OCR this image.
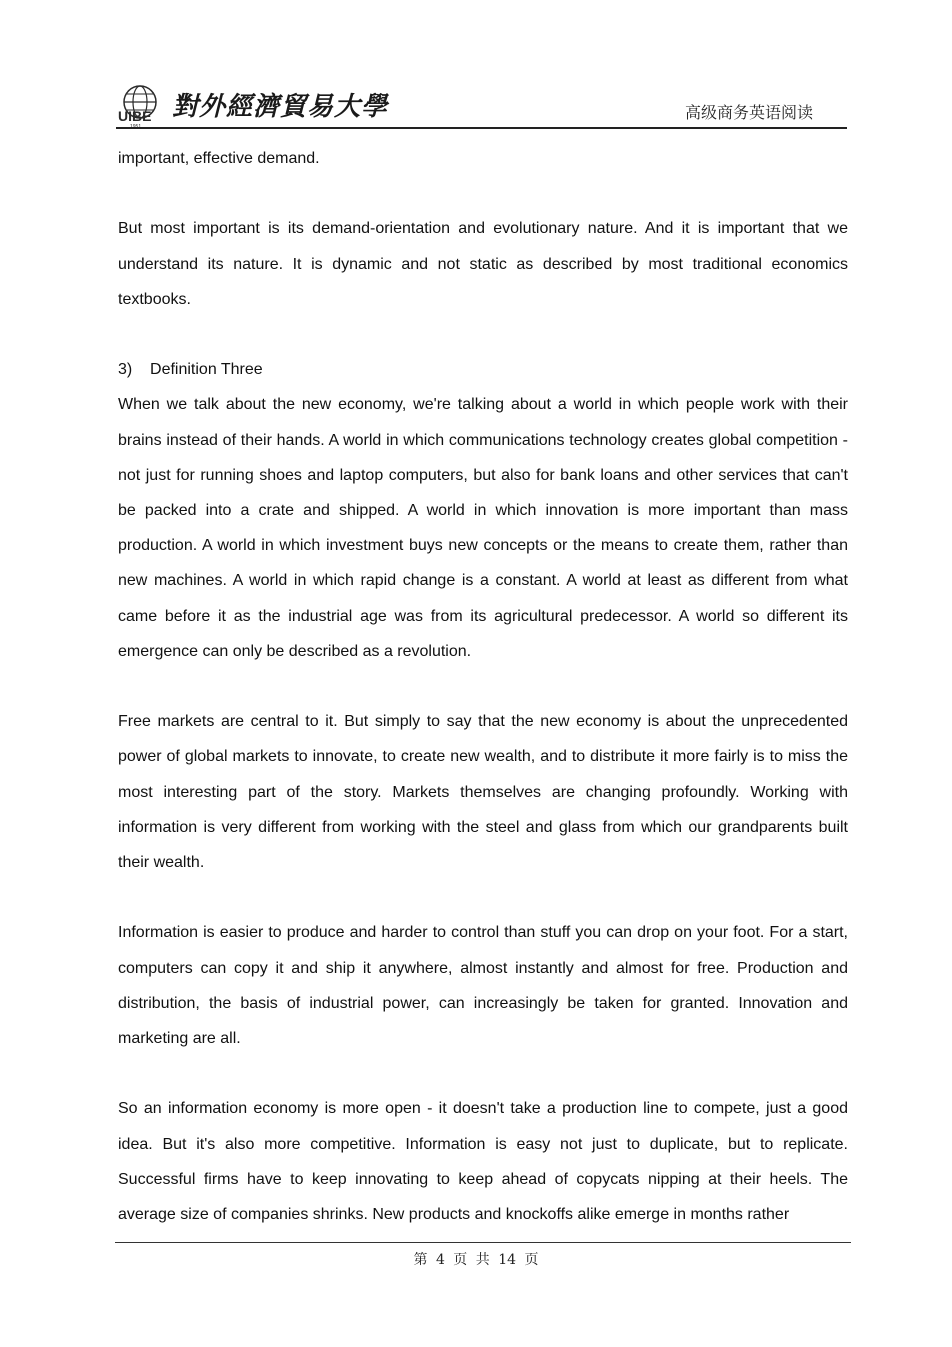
UIBE 對外經濟貿易大學	高级商务英语阅读

important, effective demand.

But most important is its demand-orientation and evolutionary nature. And it is important that we understand its nature. It is dynamic and not static as described by most traditional economics textbooks.

3)    Definition Three

When we talk about the new economy, we're talking about a world in which people work with their brains instead of their hands. A world in which communications technology creates global competition - not just for running shoes and laptop computers, but also for bank loans and other services that can't be packed into a crate and shipped. A world in which innovation is more important than mass production. A world in which investment buys new concepts or the means to create them, rather than new machines. A world in which rapid change is a constant. A world at least as different from what came before it as the industrial age was from its agricultural predecessor. A world so different its emergence can only be described as a revolution.

Free markets are central to it. But simply to say that the new economy is about the unprecedented power of global markets to innovate, to create new wealth, and to distribute it more fairly is to miss the most interesting part of the story. Markets themselves are changing profoundly. Working with information is very different from working with the steel and glass from which our grandparents built their wealth.

Information is easier to produce and harder to control than stuff you can drop on your foot. For a start, computers can copy it and ship it anywhere, almost instantly and almost for free. Production and distribution, the basis of industrial power, can increasingly be taken for granted. Innovation and marketing are all.

So an information economy is more open - it doesn't take a production line to compete, just a good idea. But it's also more competitive. Information is easy not just to duplicate, but to replicate. Successful firms have to keep innovating to keep ahead of copycats nipping at their heels. The average size of companies shrinks. New products and knockoffs alike emerge in months rather

第 4 页 共 14 页
